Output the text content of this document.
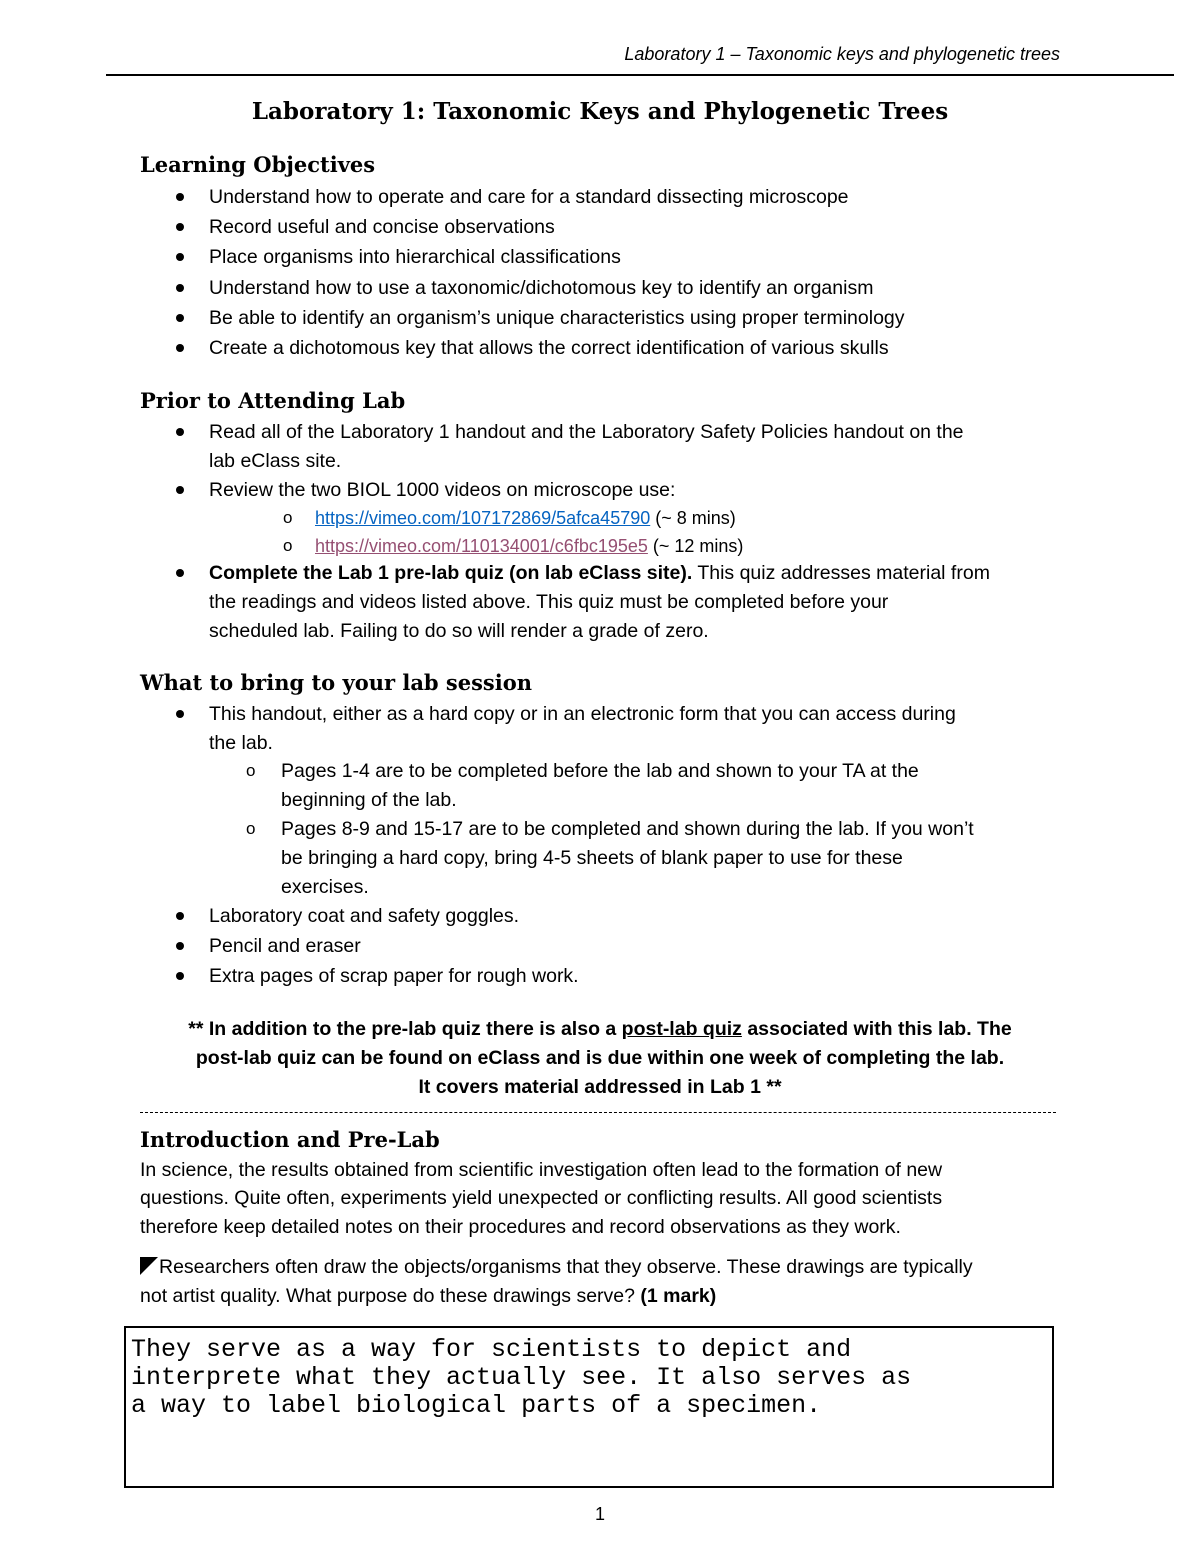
Laboratory 1 – Taxonomic keys and phylogenetic trees
Laboratory 1: Taxonomic Keys and Phylogenetic Trees
Learning Objectives
Understand how to operate and care for a standard dissecting microscope
Record useful and concise observations
Place organisms into hierarchical classifications
Understand how to use a taxonomic/dichotomous key to identify an organism
Be able to identify an organism’s unique characteristics using proper terminology
Create a dichotomous key that allows the correct identification of various skulls
Prior to Attending Lab
Read all of the Laboratory 1 handout and the Laboratory Safety Policies handout on the
lab eClass site.
Review the two BIOL 1000 videos on microscope use:
o https://vimeo.com/107172869/5afca45790 (~ 8 mins)
o https://vimeo.com/110134001/c6fbc195e5 (~ 12 mins)
Complete the Lab 1 pre-lab quiz (on lab eClass site). This quiz addresses material from
the readings and videos listed above. This quiz must be completed before your
scheduled lab. Failing to do so will render a grade of zero.
What to bring to your lab session
This handout, either as a hard copy or in an electronic form that you can access during
the lab.
o Pages 1-4 are to be completed before the lab and shown to your TA at the
beginning of the lab.
o Pages 8-9 and 15-17 are to be completed and shown during the lab. If you won’t
be bringing a hard copy, bring 4-5 sheets of blank paper to use for these
exercises.
Laboratory coat and safety goggles.
Pencil and eraser
Extra pages of scrap paper for rough work.
** In addition to the pre-lab quiz there is also a post-lab quiz associated with this lab. The
post-lab quiz can be found on eClass and is due within one week of completing the lab.
It covers material addressed in Lab 1 **
Introduction and Pre-Lab
In science, the results obtained from scientific investigation often lead to the formation of new
questions. Quite often, experiments yield unexpected or conflicting results. All good scientists
therefore keep detailed notes on their procedures and record observations as they work.
Researchers often draw the objects/organisms that they observe. These drawings are typically
not artist quality. What purpose do these drawings serve? (1 mark)
They serve as a way for scientists to depict and
interprete what they actually see. It also serves as
a way to label biological parts of a specimen.
1
